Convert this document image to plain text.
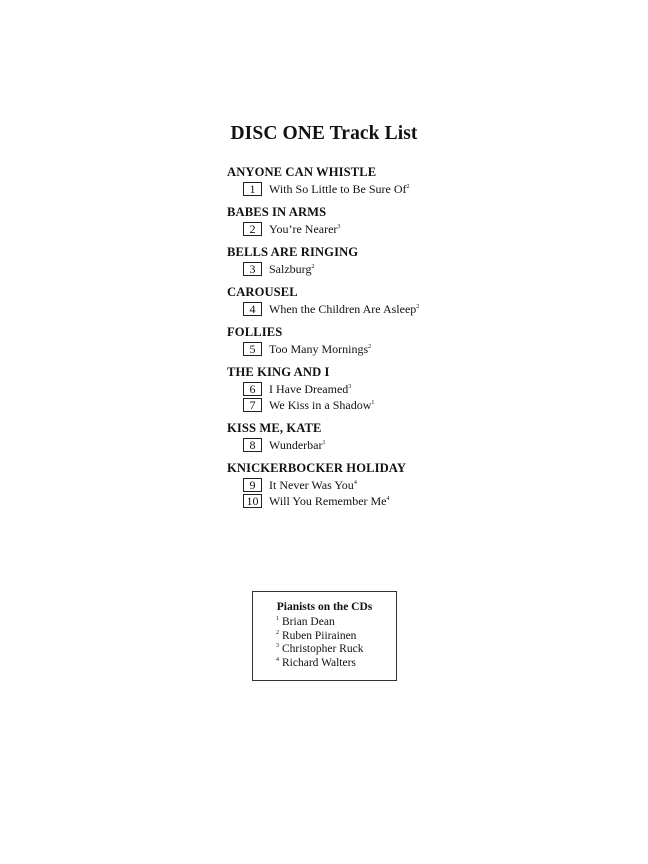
DISC ONE Track List
ANYONE CAN WHISTLE
1	With So Little to Be Sure Of$^2$
BABES IN ARMS
2	You’re Nearer$^3$
BELLS ARE RINGING
3	Salzburg$^2$
CAROUSEL
4	When the Children Are Asleep$^2$
FOLLIES
5	Too Many Mornings$^2$
THE KING AND I
6	I Have Dreamed$^3$
7	We Kiss in a Shadow$^1$
KISS ME, KATE
8	Wunderbar$^1$
KNICKERBOCKER HOLIDAY
9	It Never Was You$^4$
10 Will You Remember Me$^4$
Pianists on the CDs
$^1$ Brian Dean
$^2$ Ruben Piirainen
$^3$ Christopher Ruck
$^4$ Richard Walters
